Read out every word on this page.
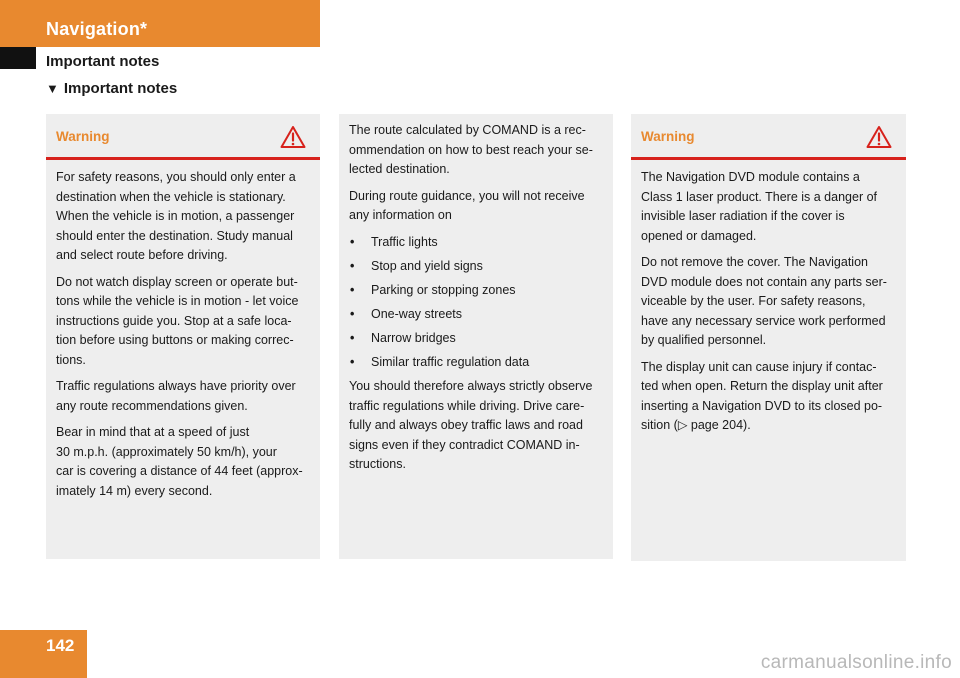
Navigation*
Important notes
▼ Important notes
Warning

For safety reasons, you should only enter a
destination when the vehicle is stationary.
When the vehicle is in motion, a passenger
should enter the destination. Study manual
and select route before driving.

Do not watch display screen or operate but-
tons while the vehicle is in motion - let voice
instructions guide you. Stop at a safe loca-
tion before using buttons or making correc-
tions.

Traffic regulations always have priority over
any route recommendations given.

Bear in mind that at a speed of just
30 m.p.h. (approximately 50 km/h), your
car is covering a distance of 44 feet (approx-
imately 14 m) every second.

The route calculated by COMAND is a rec-
ommendation on how to best reach your se-
lected destination.

During route guidance, you will not receive
any information on

• Traffic lights
• Stop and yield signs
• Parking or stopping zones
• One-way streets
• Narrow bridges
• Similar traffic regulation data

You should therefore always strictly observe
traffic regulations while driving. Drive care-
fully and always obey traffic laws and road
signs even if they contradict COMAND in-
structions.

Warning

The Navigation DVD module contains a
Class 1 laser product. There is a danger of
invisible laser radiation if the cover is
opened or damaged.

Do not remove the cover. The Navigation
DVD module does not contain any parts ser-
viceable by the user. For safety reasons,
have any necessary service work performed
by qualified personnel.

The display unit can cause injury if contac-
ted when open. Return the display unit after
inserting a Navigation DVD to its closed po-
sition (▷ page 204).

142
carmanualsonline.info
